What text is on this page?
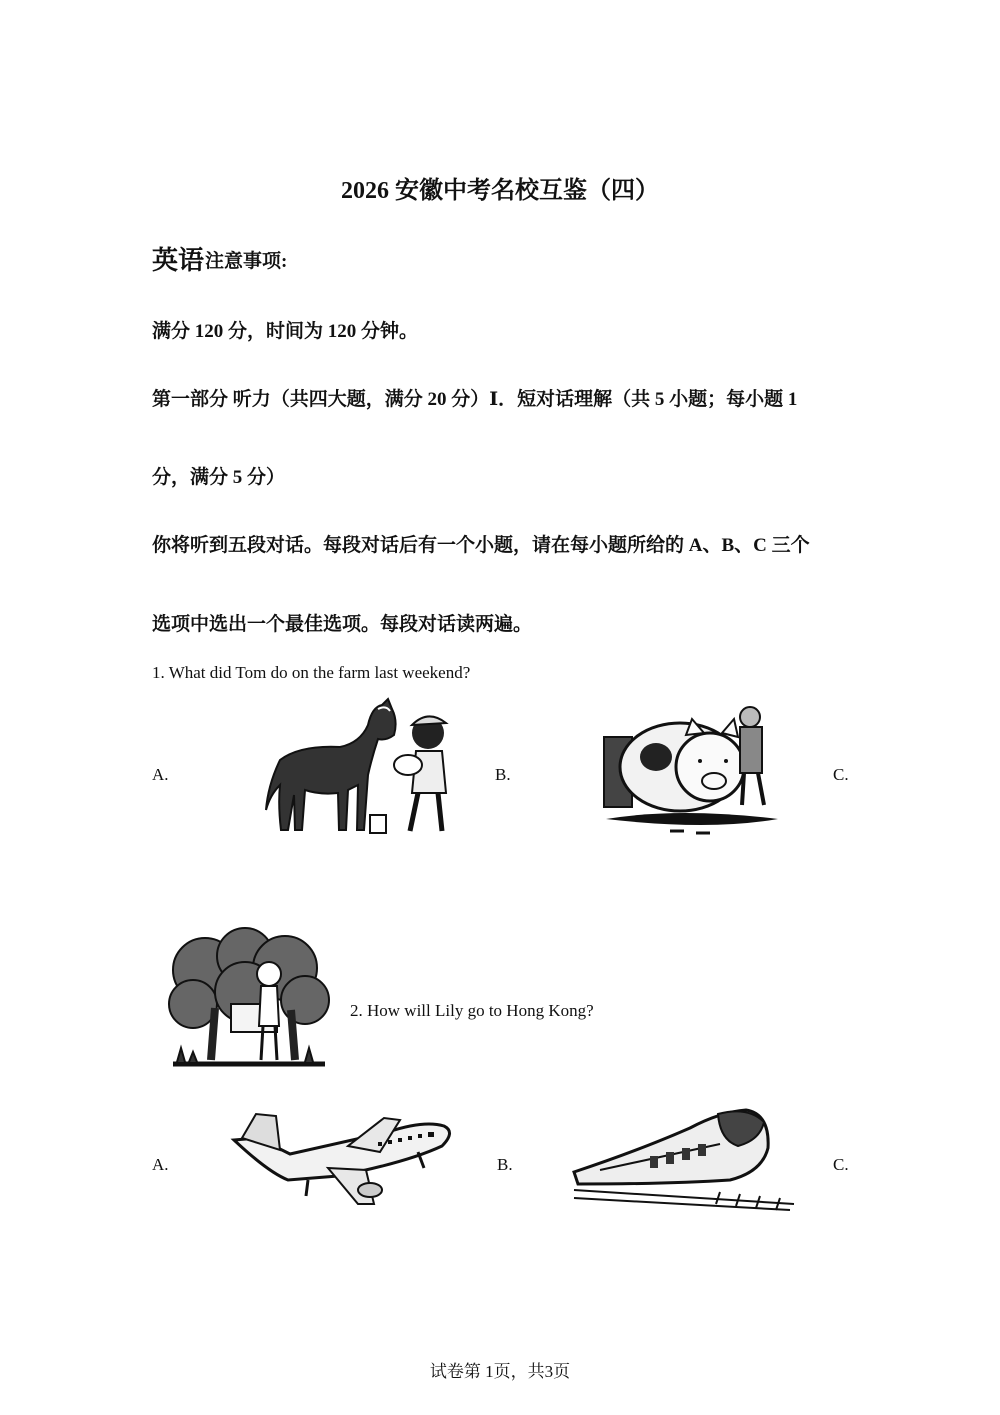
2026 安徽中考名校互鉴（四）
英语 注意事项:
满分 120 分，时间为 120 分钟。
第一部分 听力（共四大题，满分 20 分）Ⅰ．短对话理解（共 5 小题；每小题 1
分，满分 5 分）
你将听到五段对话。每段对话后有一个小题，请在每小题所给的 A、B、C 三个
选项中选出一个最佳选项。每段对话读两遍。
1. What did Tom do on the farm last weekend?
A.	B.	C.
2. How will Lily go to Hong Kong?
A.	B.	C.
试卷第 1页，共3页
